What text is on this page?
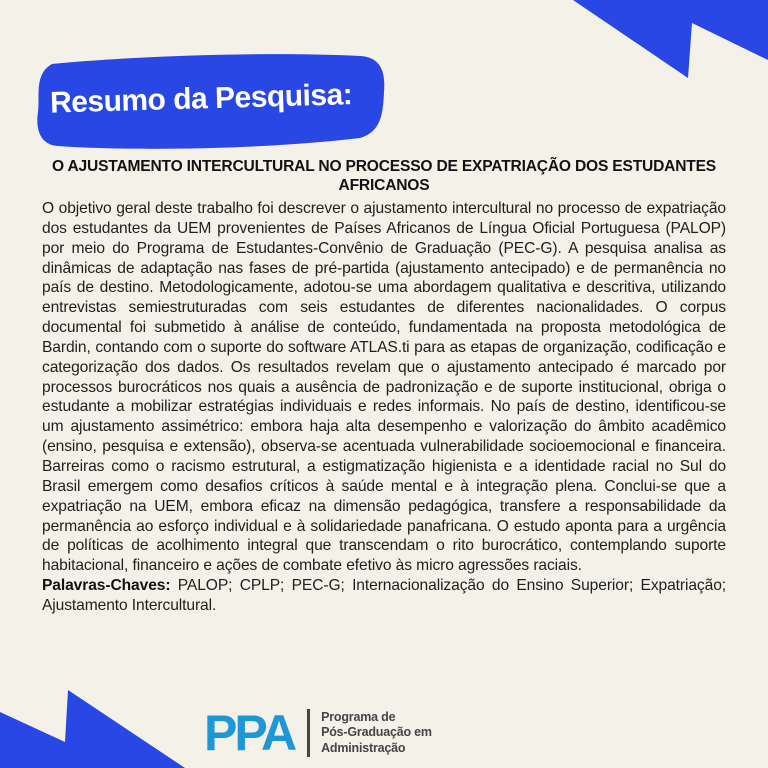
Resumo da Pesquisa:
O AJUSTAMENTO INTERCULTURAL NO PROCESSO DE EXPATRIAÇÃO DOS ESTUDANTES AFRICANOS

O objetivo geral deste trabalho foi descrever o ajustamento intercultural no processo de expatriação dos estudantes da UEM provenientes de Países Africanos de Língua Oficial Portuguesa (PALOP) por meio do Programa de Estudantes-Convênio de Graduação (PEC-G). A pesquisa analisa as dinâmicas de adaptação nas fases de pré-partida (ajustamento antecipado) e de permanência no país de destino. Metodologicamente, adotou-se uma abordagem qualitativa e descritiva, utilizando entrevistas semiestruturadas com seis estudantes de diferentes nacionalidades. O corpus documental foi submetido à análise de conteúdo, fundamentada na proposta metodológica de Bardin, contando com o suporte do software ATLAS.ti para as etapas de organização, codificação e categorização dos dados. Os resultados revelam que o ajustamento antecipado é marcado por processos burocráticos nos quais a ausência de padronização e de suporte institucional, obriga o estudante a mobilizar estratégias individuais e redes informais. No país de destino, identificou-se um ajustamento assimétrico: embora haja alta desempenho e valorização do âmbito acadêmico (ensino, pesquisa e extensão), observa-se acentuada vulnerabilidade socioemocional e financeira. Barreiras como o racismo estrutural, a estigmatização higienista e a identidade racial no Sul do Brasil emergem como desafios críticos à saúde mental e à integração plena. Conclui-se que a expatriação na UEM, embora eficaz na dimensão pedagógica, transfere a responsabilidade da permanência ao esforço individual e à solidariedade panafricana. O estudo aponta para a urgência de políticas de acolhimento integral que transcendam o rito burocrático, contemplando suporte habitacional, financeiro e ações de combate efetivo às micro agressões raciais.

Palavras-Chaves: PALOP; CPLP; PEC-G; Internacionalização do Ensino Superior; Expatriação; Ajustamento Intercultural.

PPA Programa de
Pós-Graduação em
Administração
